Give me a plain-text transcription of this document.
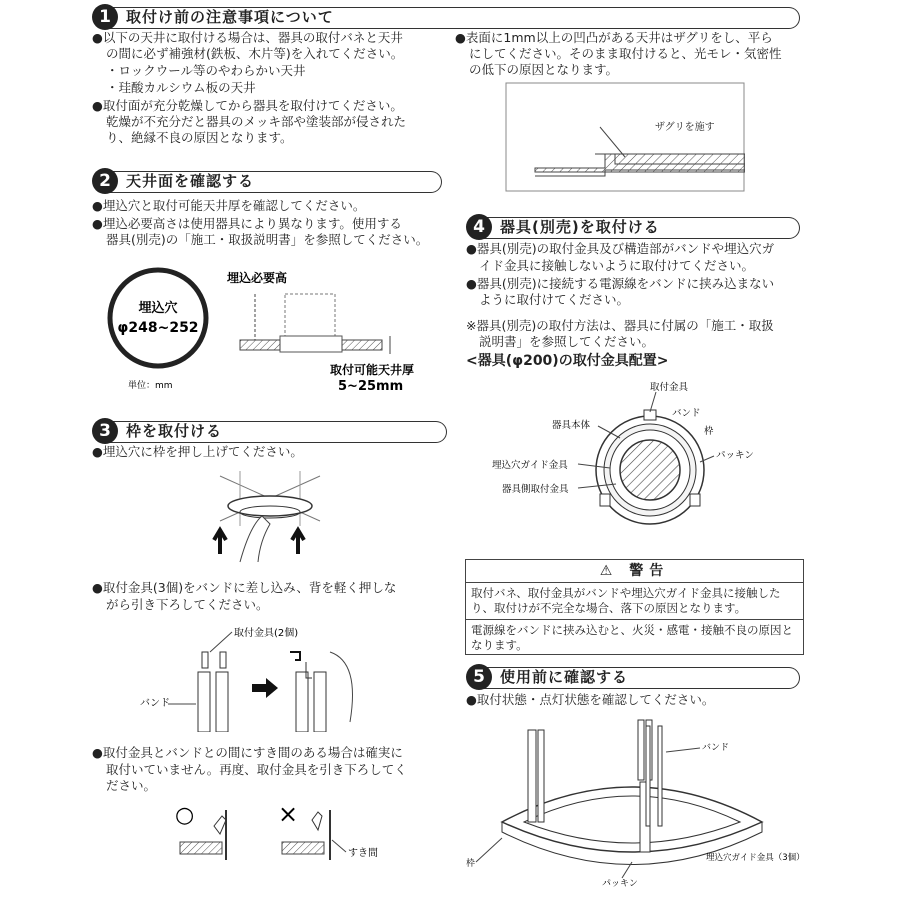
1	取付け前の注意事項について
●以下の天井に取付ける場合は、器具の取付バネと天井
の間に必ず補強材(鉄板、木片等)を入れてください。
・ロックウール等のやわらかい天井
・珪酸カルシウム板の天井
●取付面が充分乾燥してから器具を取付けてください。
乾燥が不充分だと器具のメッキ部や塗装部が侵された
り、絶縁不良の原因となります。
●表面に1mm以上の凹凸がある天井はザグリをし、平ら
にしてください。そのまま取付けると、光モレ・気密性
の低下の原因となります。
ザグリを施す
2	天井面を確認する
●埋込穴と取付可能天井厚を確認してください。
●埋込必要高さは使用器具により異なります。使用する
器具(別売)の「施工・取扱説明書」を参照してください。
埋込穴
φ248~252
単位：mm
埋込必要高
取付可能天井厚
5~25mm
3	枠を取付ける
●埋込穴に枠を押し上げてください。
●取付金具(3個)をバンドに差し込み、背を軽く押しな
がら引き下ろしてください。
取付金具(2個)
バンド
●取付金具とバンドとの間にすき間のある場合は確実に
取付いていません。再度、取付金具を引き下ろしてく
ださい。
○	×
すき間
4	器具(別売)を取付ける
●器具(別売)の取付金具及び構造部がバンドや埋込穴ガ
イド金具に接触しないように取付けてください。
●器具(別売)に接続する電源線をバンドに挟み込まない
ように取付けてください。
※器具(別売)の取付方法は、器具に付属の「施工・取扱
説明書」を参照してください。
<器具(φ200)の取付金具配置>
取付金具
バンド
枠
器具本体
パッキン
埋込穴ガイド金具
器具側取付金具
⚠ 警告
取付バネ、取付金具がバンドや埋込穴ガイド金具に接触した
り、取付けが不完全な場合、落下の原因となります。
電源線をバンドに挟み込むと、火災・感電・接触不良の原因と
なります。
5	使用前に確認する
●取付状態・点灯状態を確認してください。
バンド
枠
埋込穴ガイド金具（3個）
パッキン
